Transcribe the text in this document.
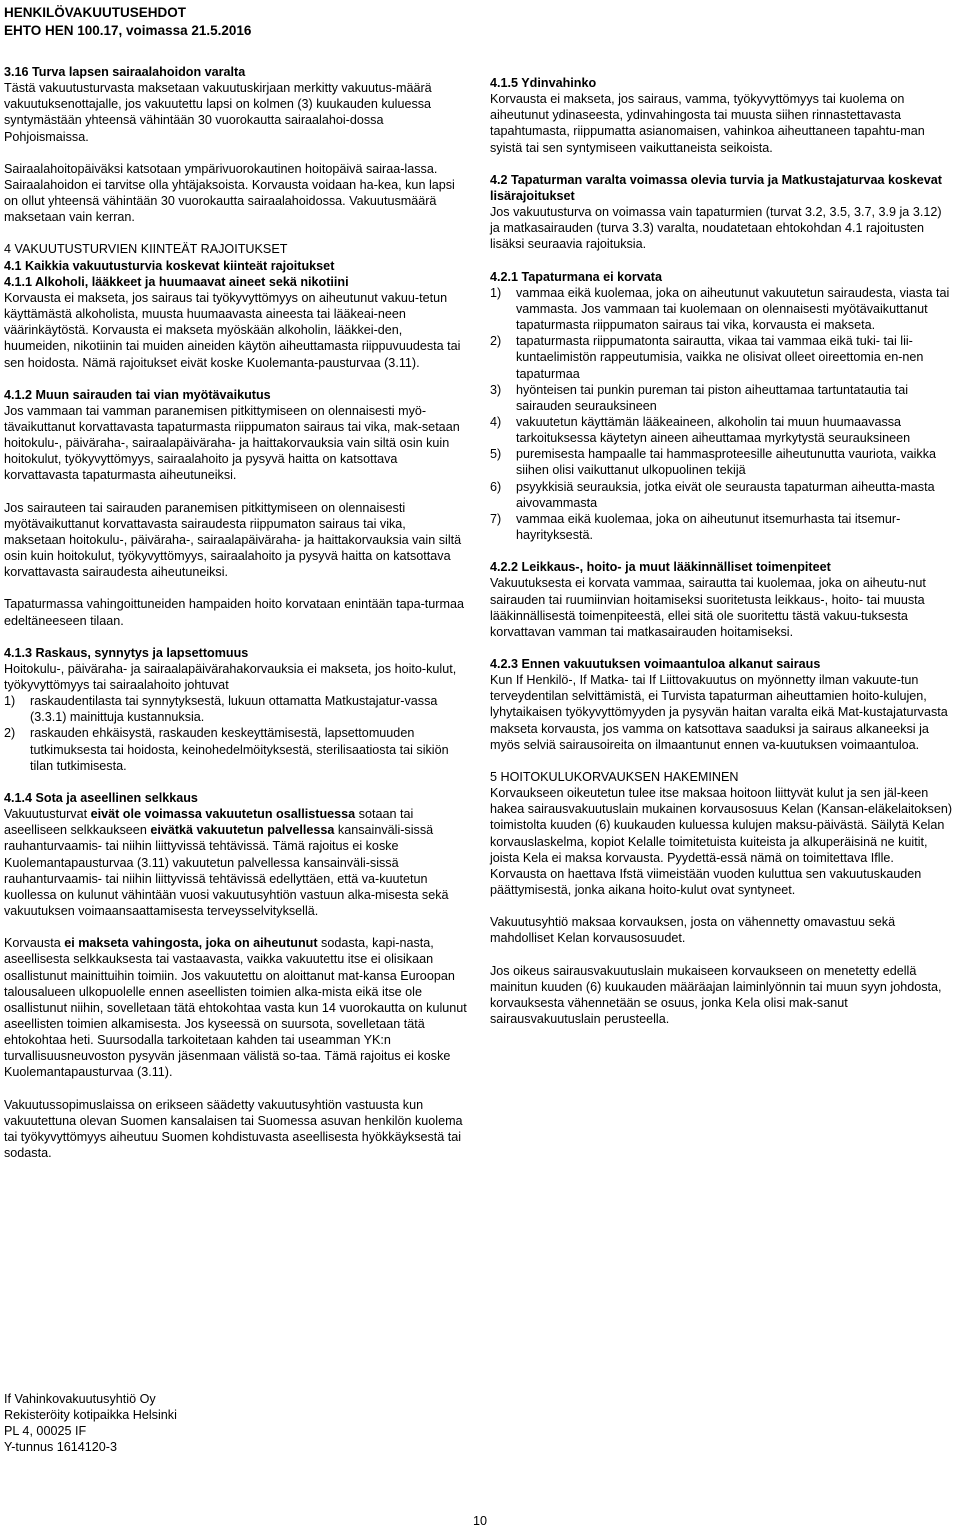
HENKILÖVAKUUTUSEHDOT
EHTO HEN 100.17, voimassa 21.5.2016

3.16 Turva lapsen sairaalahoidon varalta

Tästä vakuutusturvasta maksetaan vakuutuskirjaan merkitty vakuutus-määrä vakuutuksenottajalle, jos vakuutettu lapsi on kolmen (3) kuukauden kuluessa syntymästään yhteensä vähintään 30 vuorokautta sairaalahoi-dossa Pohjoismaissa.

Sairaalahoitopäiväksi katsotaan ympärivuorokautinen hoitopäivä sairaa-lassa. Sairaalahoidon ei tarvitse olla yhtäjaksoista. Korvausta voidaan ha-kea, kun lapsi on ollut yhteensä vähintään 30 vuorokautta sairaalahoidossa. Vakuutusmäärä maksetaan vain kerran.

4 VAKUUTUSTURVIEN KIINTEÄT RAJOITUKSET

4.1 Kaikkia vakuutusturvia koskevat kiinteät rajoitukset

4.1.1 Alkoholi, lääkkeet ja huumaavat aineet sekä nikotiini

Korvausta ei makseta, jos sairaus tai työkyvyttömyys on aiheutunut vakuu-tetun käyttämästä alkoholista, muusta huumaavasta aineesta tai lääkeai-neen väärinkäytöstä. Korvausta ei makseta myöskään alkoholin, lääkkei-den, huumeiden, nikotiinin tai muiden aineiden käytön aiheuttamasta riippuvuudesta tai sen hoidosta. Nämä rajoitukset eivät koske Kuolemanta-pausturvaa (3.11).

4.1.2 Muun sairauden tai vian myötävaikutus

Jos vammaan tai vamman paranemisen pitkittymiseen on olennaisesti myö-tävaikuttanut korvattavasta tapaturmasta riippumaton sairaus tai vika, mak-setaan hoitokulu-, päiväraha-, sairaalapäiväraha- ja haittakorvauksia vain siltä osin kuin hoitokulut, työkyvyttömyys, sairaalahoito ja pysyvä haitta on katsottava korvattavasta tapaturmasta aiheutuneiksi.

Jos sairauteen tai sairauden paranemisen pitkittymiseen on olennaisesti myötävaikuttanut korvattavasta sairaudesta riippumaton sairaus tai vika, maksetaan hoitokulu-, päiväraha-, sairaalapäiväraha- ja haittakorvauksia vain siltä osin kuin hoitokulut, työkyvyttömyys, sairaalahoito ja pysyvä haitta on katsottava korvattavasta sairaudesta aiheutuneiksi.

Tapaturmassa vahingoittuneiden hampaiden hoito korvataan enintään tapa-turmaa edeltäneeseen tilaan.

4.1.3 Raskaus, synnytys ja lapsettomuus

Hoitokulu-, päiväraha- ja sairaalapäivärahakorvauksia ei makseta, jos hoito-kulut, työkyvyttömyys tai sairaalahoito johtuvat

1)	raskaudentilasta tai synnytyksestä, lukuun ottamatta Matkustajatur-vassa (3.3.1) mainittuja kustannuksia.
2)	raskauden ehkäisystä, raskauden keskeyttämisestä, lapsettomuuden tutkimuksesta tai hoidosta, keinohedelmöityksestä, sterilisaatiosta tai sikiön tilan tutkimisesta.

4.1.4 Sota ja aseellinen selkkaus

Vakuutusturvat eivät ole voimassa vakuutetun osallistuessa sotaan tai aseelliseen selkkaukseen eivätkä vakuutetun palvellessa kansainväli-sissä rauhanturvaamis- tai niihin liittyvissä tehtävissä. Tämä rajoitus ei koske Kuolemantapausturvaa (3.11) vakuutetun palvellessa kansainväli-sissä rauhanturvaamis- tai niihin liittyvissä tehtävissä edellyttäen, että va-kuutetun kuollessa on kulunut vähintään vuosi vakuutusyhtiön vastuun alka-misesta sekä vakuutuksen voimaansaattamisesta terveysselvityksellä.

Korvausta ei makseta vahingosta, joka on aiheutunut sodasta, kapi-nasta, aseellisesta selkkauksesta tai vastaavasta, vaikka vakuutettu itse ei olisikaan osallistunut mainittuihin toimiin. Jos vakuutettu on aloittanut mat-kansa Euroopan talousalueen ulkopuolelle ennen aseellisten toimien alka-mista eikä itse ole osallistunut niihin, sovelletaan tätä ehtokohtaa vasta kun 14 vuorokautta on kulunut aseellisten toimien alkamisesta. Jos kyseessä on suursota, sovelletaan tätä ehtokohtaa heti. Suursodalla tarkoitetaan kahden tai useamman YK:n turvallisuusneuvoston pysyvän jäsenmaan välistä so-taa. Tämä rajoitus ei koske Kuolemantapausturvaa (3.11).

Vakuutussopimuslaissa on erikseen säädetty vakuutusyhtiön vastuusta kun vakuutettuna olevan Suomen kansalaisen tai Suomessa asuvan henkilön kuolema tai työkyvyttömyys aiheutuu Suomen kohdistuvasta aseellisesta hyökkäyksestä tai sodasta.

4.1.5 Ydinvahinko

Korvausta ei makseta, jos sairaus, vamma, työkyvyttömyys tai kuolema on aiheutunut ydinaseesta, ydinvahingosta tai muusta siihen rinnastettavasta tapahtumasta, riippumatta asianomaisen, vahinkoa aiheuttaneen tapahtu-man syistä tai sen syntymiseen vaikuttaneista seikoista.

4.2 Tapaturman varalta voimassa olevia turvia ja Matkustajaturvaa koskevat lisärajoitukset

Jos vakuutusturva on voimassa vain tapaturmien (turvat 3.2, 3.5, 3.7, 3.9 ja 3.12) ja matkasairauden (turva 3.3) varalta, noudatetaan ehtokohdan 4.1 rajoitusten lisäksi seuraavia rajoituksia.

4.2.1 Tapaturmana ei korvata

1)	vammaa eikä kuolemaa, joka on aiheutunut vakuutetun sairaudesta, viasta tai vammasta. Jos vammaan tai kuolemaan on olennaisesti myötävaikuttanut tapaturmasta riippumaton sairaus tai vika, korvausta ei makseta.
2)	tapaturmasta riippumatonta sairautta, vikaa tai vammaa eikä tuki- tai lii-kuntaelimistön rappeutumisia, vaikka ne olisivat olleet oireettomia en-nen tapaturmaa
3)	hyönteisen tai punkin pureman tai piston aiheuttamaa tartuntatautia tai sairauden seurauksineen
4)	vakuutetun käyttämän lääkeaineen, alkoholin tai muun huumaavassa tarkoituksessa käytetyn aineen aiheuttamaa myrkytystä seurauksineen
5)	puremisesta hampaalle tai hammasproteesille aiheutunutta vauriota, vaikka siihen olisi vaikuttanut ulkopuolinen tekijä
6)	psyykkisiä seurauksia, jotka eivät ole seurausta tapaturman aiheutta-masta aivovammasta
7)	vammaa eikä kuolemaa, joka on aiheutunut itsemurhasta tai itsemur-hayrityksestä.

4.2.2 Leikkaus-, hoito- ja muut lääkinnälliset toimenpiteet

Vakuutuksesta ei korvata vammaa, sairautta tai kuolemaa, joka on aiheutu-nut sairauden tai ruumiinvian hoitamiseksi suoritetusta leikkaus-, hoito- tai muusta lääkinnällisestä toimenpiteestä, ellei sitä ole suoritettu tästä vakuu-tuksesta korvattavan vamman tai matkasairauden hoitamiseksi.

4.2.3 Ennen vakuutuksen voimaantuloa alkanut sairaus

Kun If Henkilö-, If Matka- tai If Liittovakuutus on myönnetty ilman vakuute-tun terveydentilan selvittämistä, ei Turvista tapaturman aiheuttamien hoito-kulujen, lyhytaikaisen työkyvyttömyyden ja pysyvän haitan varalta eikä Mat-kustajaturvasta makseta korvausta, jos vamma on katsottava saaduksi ja sairaus alkaneeksi ja myös selviä sairausoireita on ilmaantunut ennen va-kuutuksen voimaantuloa.

5 HOITOKULUKORVAUKSEN HAKEMINEN

Korvaukseen oikeutetun tulee itse maksaa hoitoon liittyvät kulut ja sen jäl-keen hakea sairausvakuutuslain mukainen korvausosuus Kelan (Kansan-eläkelaitoksen) toimistolta kuuden (6) kuukauden kuluessa kulujen maksu-päivästä. Säilytä Kelan korvauslaskelma, kopiot Kelalle toimitetuista kuiteista ja alkuperäisinä ne kuitit, joista Kela ei maksa korvausta. Pyydettä-essä nämä on toimitettava Iflle. Korvausta on haettava Ifstä viimeistään vuoden kuluttua sen vakuutuskauden päättymisestä, jonka aikana hoito-kulut ovat syntyneet.

Vakuutusyhtiö maksaa korvauksen, josta on vähennetty omavastuu sekä mahdolliset Kelan korvausosuudet.

Jos oikeus sairausvakuutuslain mukaiseen korvaukseen on menetetty edellä mainitun kuuden (6) kuukauden määräajan laiminlyönnin tai muun syyn johdosta, korvauksesta vähennetään se osuus, jonka Kela olisi mak-sanut sairausvakuutuslain perusteella.

If Vahinkovakuutusyhtiö Oy
Rekisteröity kotipaikka Helsinki
PL 4, 00025 IF
Y-tunnus 1614120-3
10
